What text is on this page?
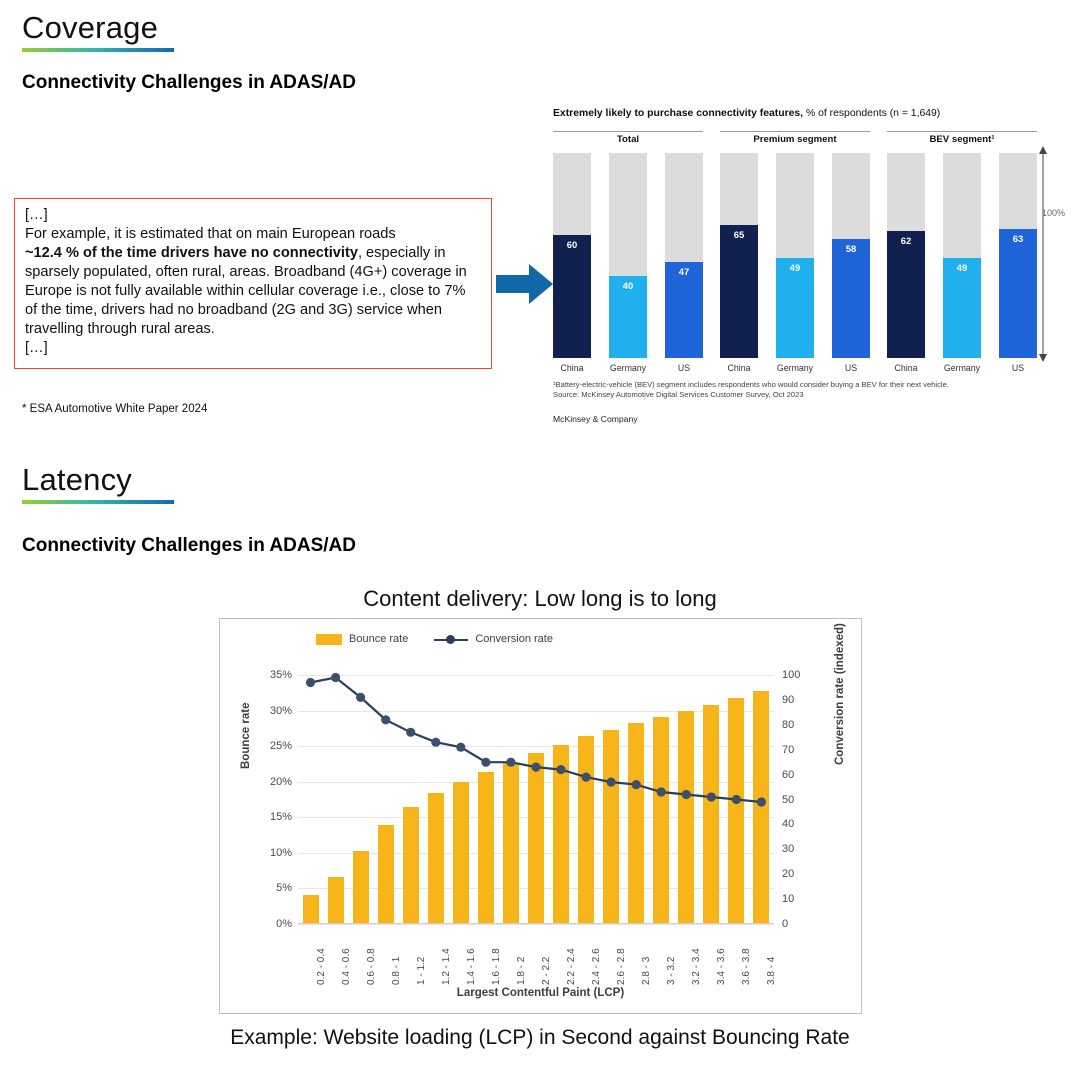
Coverage
Connectivity Challenges in ADAS/AD
[…]
For example, it is estimated that on main European roads
~12.4 % of the time drivers have no connectivity, especially in sparsely populated, often rural, areas. Broadband (4G+) coverage in Europe is not fully available within cellular coverage i.e., close to 7% of the time, drivers had no broadband (2G and 3G) service when travelling through rural areas.
[…]
* ESA Automotive White Paper 2024
Extremely likely to purchase connectivity features, % of respondents (n = 1,649)
Total
60
40
47
China	Germany	US
Premium segment
65
49
58
China	Germany	US
BEV segment¹
62
49
63
China	Germany	US
100%
¹Battery-electric-vehicle (BEV) segment includes respondents who would consider buying a BEV for their next vehicle.
Source: McKinsey Automotive Digital Services Customer Survey, Oct 2023
McKinsey & Company
Latency
Connectivity Challenges in ADAS/AD
Content delivery: Low long is to long
Bounce rate	Conversion rate
Bounce rate	Conversion rate (indexed)
Largest Contentful Paint (LCP)
0%
5%
10%
15%
20%
25%
30%
35%
0
10
20
30
40
50
60
70
80
90
100
0.2 - 0.4 0.4 - 0.6 0.6 - 0.8 0.8 - 1 1 - 1.2 1.2 - 1.4 1.4 - 1.6 1.6 - 1.8 1.8 - 2 2 - 2.2 2.2 - 2.4 2.4 - 2.6 2.6 - 2.8 2.8 - 3 3 - 3.2 3.2 - 3.4 3.4 - 3.6 3.6 - 3.8 3.8 - 4
Example: Website loading (LCP) in Second against Bouncing Rate
